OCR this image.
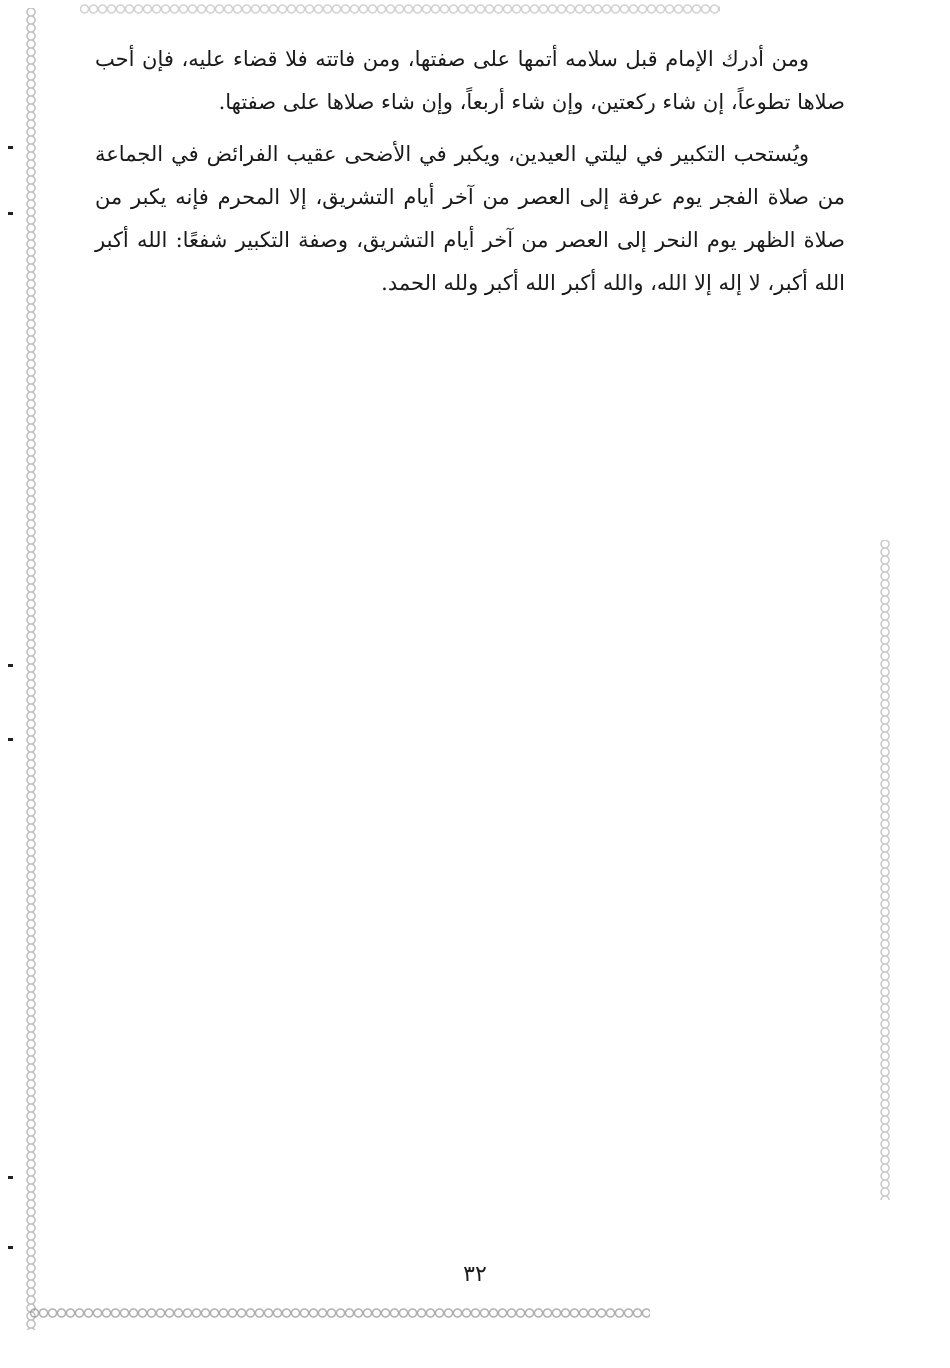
ومن أدرك الإمام قبل سلامه أتمها على صفتها، ومن فاتته فلا قضاء عليه، فإن أحب صلاها تطوعاً، إن شاء ركعتين، وإن شاء أربعاً، وإن شاء صلاها على صفتها.

ويُستحب التكبير في ليلتي العيدين، ويكبر في الأضحى عقيب الفرائض في الجماعة من صلاة الفجر يوم عرفة إلى العصر من آخر أيام التشريق، إلا المحرم فإنه يكبر من صلاة الظهر يوم النحر إلى العصر من آخر أيام التشريق، وصفة التكبير شفعًا: الله أكبر الله أكبر، لا إله إلا الله، والله أكبر الله أكبر ولله الحمد.

٣٢
